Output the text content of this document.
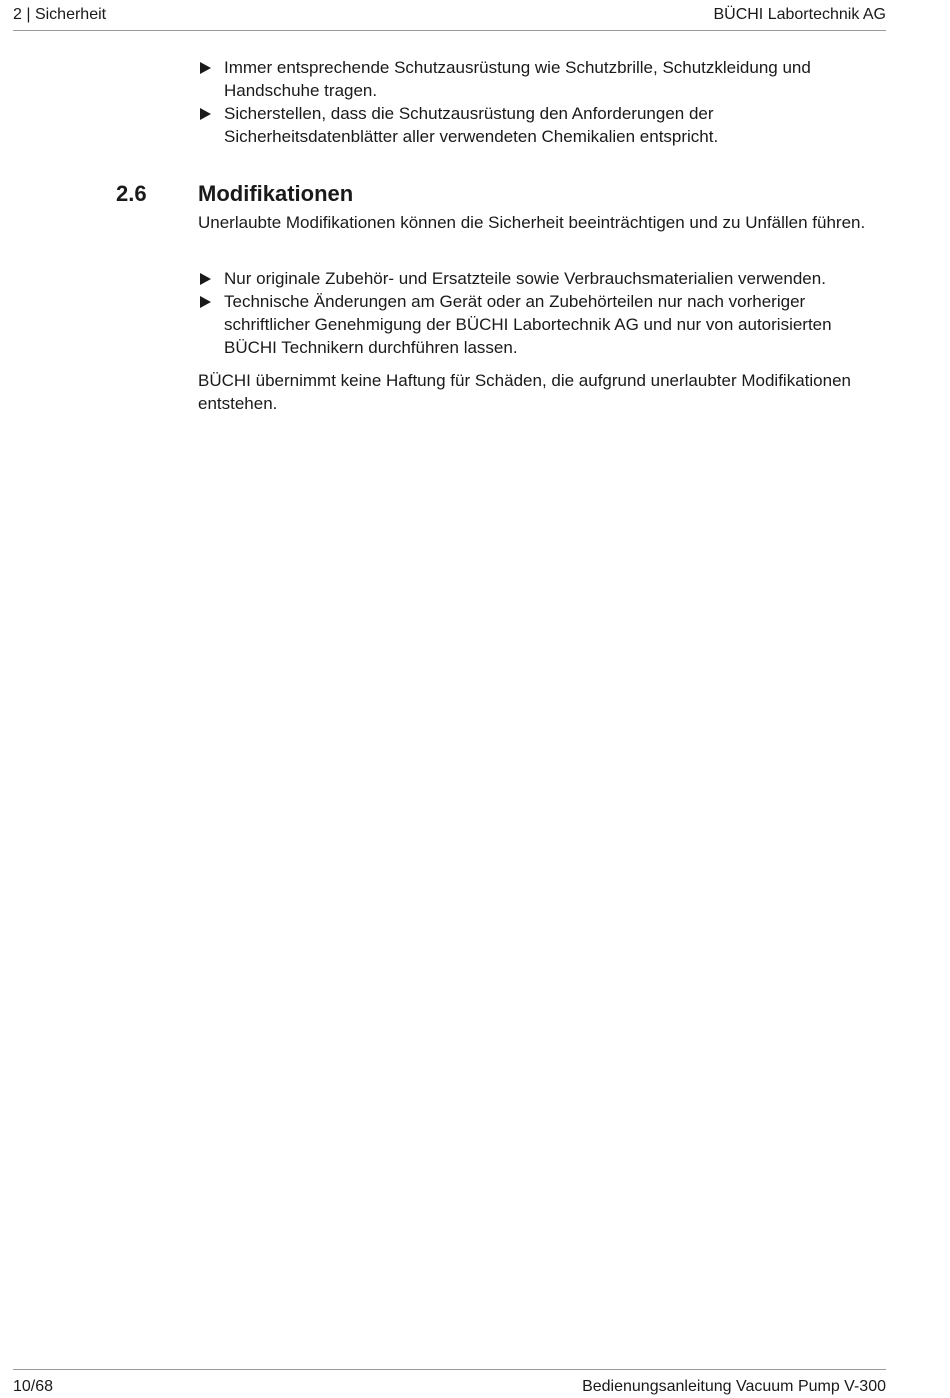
2 | Sicherheit	BÜCHI Labortechnik AG
Immer entsprechende Schutzausrüstung wie Schutzbrille, Schutzkleidung und Handschuhe tragen.
Sicherstellen, dass die Schutzausrüstung den Anforderungen der Sicherheitsdatenblätter aller verwendeten Chemikalien entspricht.
2.6 Modifikationen

Unerlaubte Modifikationen können die Sicherheit beeinträchtigen und zu Unfällen führen.

Nur originale Zubehör- und Ersatzteile sowie Verbrauchsmaterialien verwenden.
Technische Änderungen am Gerät oder an Zubehörteilen nur nach vorheriger schriftlicher Genehmigung der BÜCHI Labortechnik AG und nur von autorisierten BÜCHI Technikern durchführen lassen.

BÜCHI übernimmt keine Haftung für Schäden, die aufgrund unerlaubter Modifikationen entstehen.

10/68	Bedienungsanleitung Vacuum Pump V-300
